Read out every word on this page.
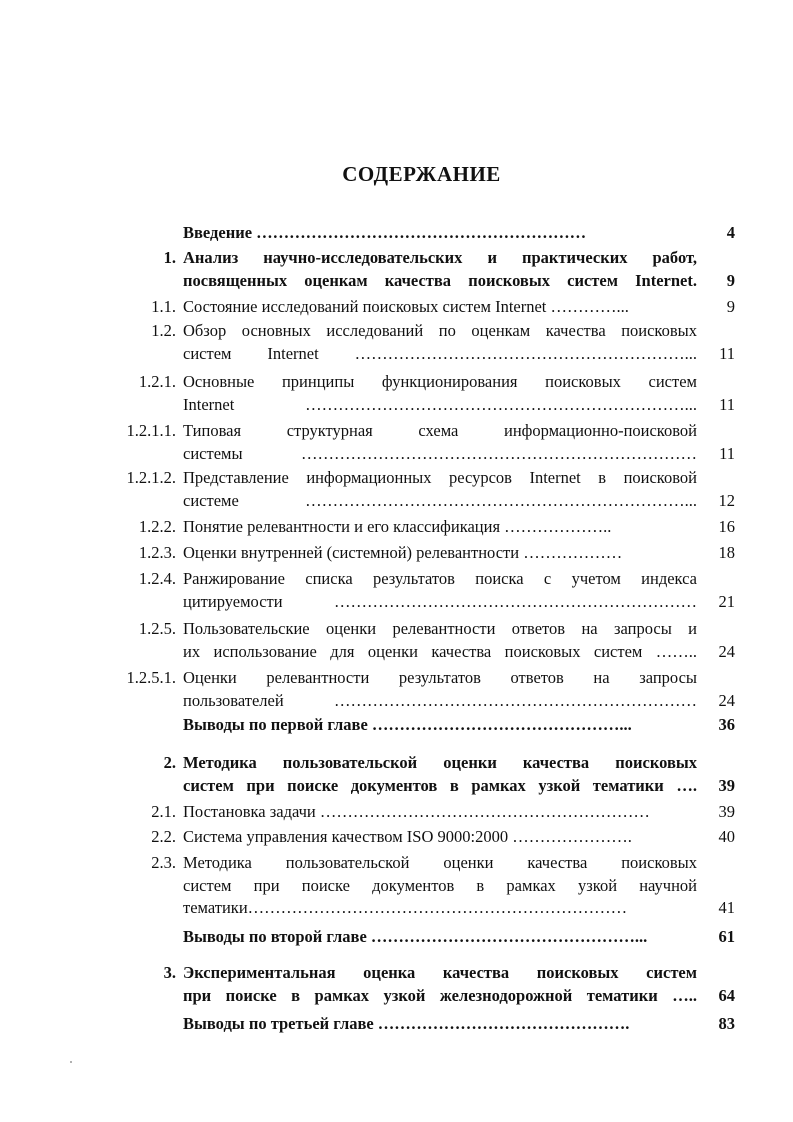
СОДЕРЖАНИЕ
Введение ……………………………………………………	4
1. Анализ научно-исследовательских и практических работ,
посвященных оценкам качества поисковых систем Internet. 9
1.1. Состояние исследований поисковых систем Internet …………...	9
1.2. Обзор основных исследований по оценкам качества поисковых
систем Internet ……………………………………………………... 11
1.2.1. Основные принципы функционирования поисковых систем
Internet ……………………………………………………………... 11
1.2.1.1. Типовая структурная схема информационно-поисковой
системы ……………………………………………………………… 11
1.2.1.2. Представление информационных ресурсов Internet в поисковой
системе ……………………………………………………………... 12
1.2.2. Понятие релевантности и его классификация ………………..	16
1.2.3. Оценки внутренней (системной) релевантности ………………	18
1.2.4. Ранжирование списка результатов поиска с учетом индекса
цитируемости ………………………………………………………… 21
1.2.5. Пользовательские оценки релевантности ответов на запросы и
их использование для оценки качества поисковых систем …….. 24
1.2.5.1. Оценки релевантности результатов ответов на запросы
пользователей ………………………………………………………… 24
Выводы по первой главе ………………………………………...	36
2. Методика пользовательской оценки качества поисковых
систем при поиске документов в рамках узкой тематики …. 39
2.1. Постановка задачи ……………………………………………………	39
2.2. Система управления качеством ISO 9000:2000 ………………….	40
2.3. Методика пользовательской оценки качества поисковых
систем при поиске документов в рамках узкой научной
тематики……………………………………………………………	41
Выводы по второй главе …………………………………………...	61
3. Экспериментальная оценка качества поисковых систем
при поиске в рамках узкой железнодорожной тематики ….. 64
Выводы по третьей главе ……………………………………….	83
